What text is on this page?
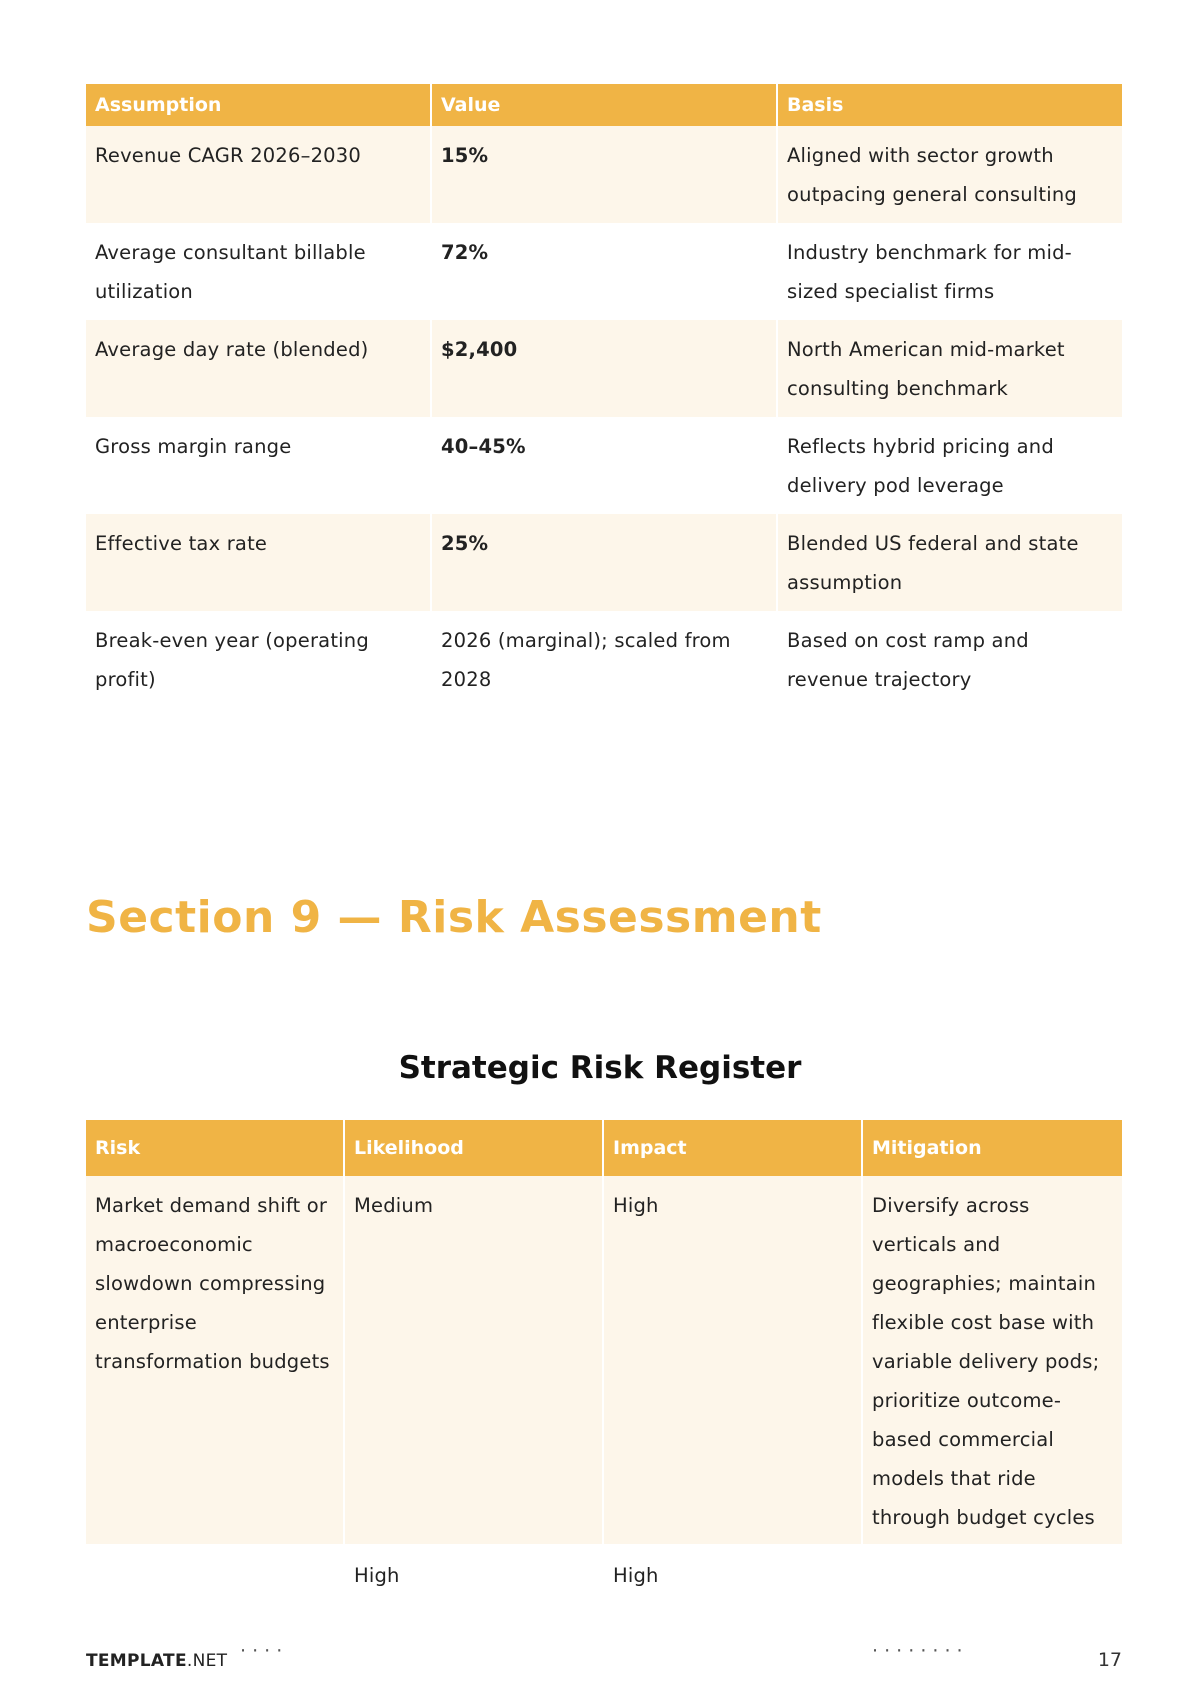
Assumption	Value	Basis
Revenue CAGR 2026–2030	15%	Aligned with sector growth outpacing general consulting
Average consultant billable utilization	72%	Industry benchmark for mid-sized specialist firms
Average day rate (blended)	$2,400	North American mid-market consulting benchmark
Gross margin range	40–45%	Reflects hybrid pricing and delivery pod leverage
Effective tax rate	25%	Blended US federal and state assumption
Break-even year (operating profit)	2026 (marginal); scaled from 2028	Based on cost ramp and revenue trajectory
Section 9 — Risk Assessment
Strategic Risk Register
Risk	Likelihood	Impact	Mitigation
Market demand shift or macroeconomic slowdown compressing enterprise transformation budgets	Medium	High	Diversify across verticals and geographies; maintain flexible cost base with variable delivery pods; prioritize outcome-based commercial models that ride through budget cycles
	High	High	
· · · ·	· · · · · · · ·
TEMPLATE.NET	17
